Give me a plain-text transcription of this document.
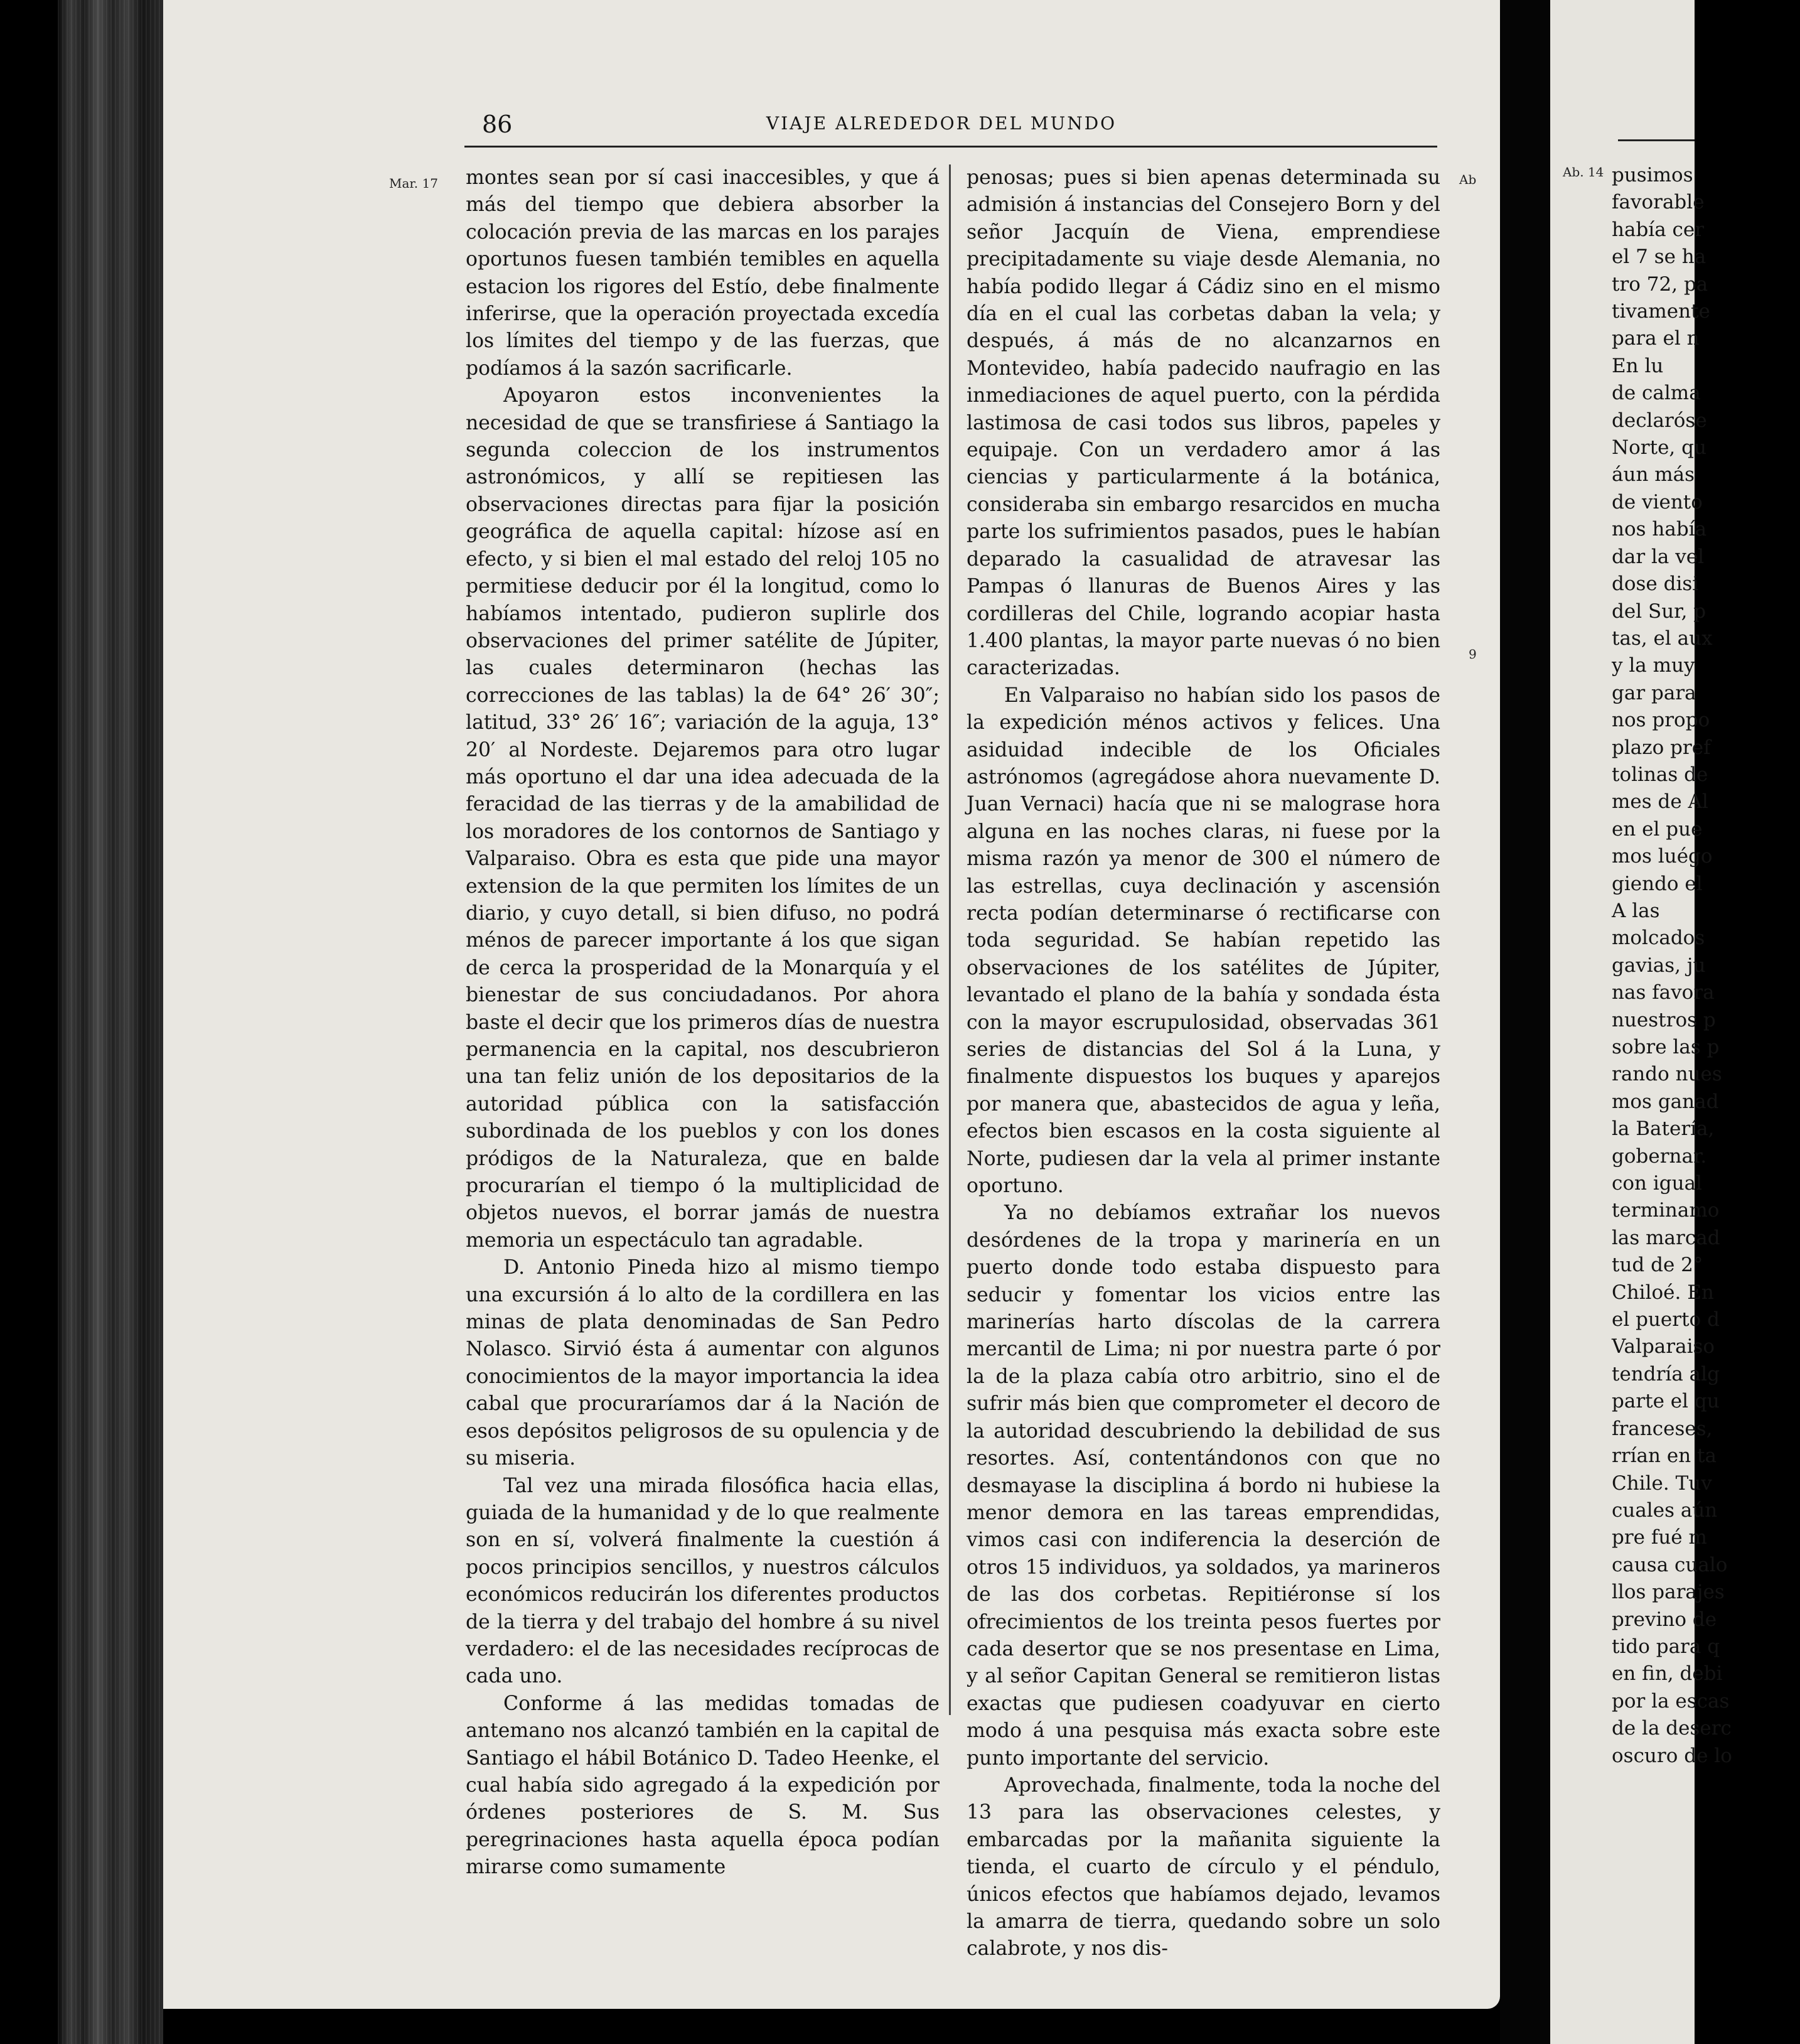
86	VIAJE ALREDEDOR DEL MUNDO
Mar. 17	Ab
9

montes sean por sí casi inaccesibles, y que á más del tiempo que debiera absorber la colocación previa de las marcas en los parajes oportunos fuesen también temibles en aquella estacion los rigores del Estío, debe finalmente inferirse, que la operación proyectada excedía los límites del tiempo y de las fuerzas, que podíamos á la sazón sacrificarle.

Apoyaron estos inconvenientes la necesidad de que se transfiriese á Santiago la segunda coleccion de los instrumentos astronómicos, y allí se repitiesen las observaciones directas para fijar la posición geográfica de aquella capital: hízose así en efecto, y si bien el mal estado del reloj 105 no permitiese deducir por él la longitud, como lo habíamos intentado, pudieron suplirle dos observaciones del primer satélite de Júpiter, las cuales determinaron (hechas las correcciones de las tablas) la de 64° 26′ 30″; latitud, 33° 26′ 16″; variación de la aguja, 13° 20′ al Nordeste. Dejaremos para otro lugar más oportuno el dar una idea adecuada de la feracidad de las tierras y de la amabilidad de los moradores de los contornos de Santiago y Valparaiso. Obra es esta que pide una mayor extension de la que permiten los límites de un diario, y cuyo detall, si bien difuso, no podrá ménos de parecer importante á los que sigan de cerca la prosperidad de la Monarquía y el bienestar de sus conciudadanos. Por ahora baste el decir que los primeros días de nuestra permanencia en la capital, nos descubrieron una tan feliz unión de los depositarios de la autoridad pública con la satisfacción subordinada de los pueblos y con los dones pródigos de la Naturaleza, que en balde procurarían el tiempo ó la multiplicidad de objetos nuevos, el borrar jamás de nuestra memoria un espectáculo tan agradable.

D. Antonio Pineda hizo al mismo tiempo una excursión á lo alto de la cordillera en las minas de plata denominadas de San Pedro Nolasco. Sirvió ésta á aumentar con algunos conocimientos de la mayor importancia la idea cabal que procuraríamos dar á la Nación de esos depósitos peligrosos de su opulencia y de su miseria.

Tal vez una mirada filosófica hacia ellas, guiada de la humanidad y de lo que realmente son en sí, volverá finalmente la cuestión á pocos principios sencillos, y nuestros cálculos económicos reducirán los diferentes productos de la tierra y del trabajo del hombre á su nivel verdadero: el de las necesidades recíprocas de cada uno.

Conforme á las medidas tomadas de antemano nos alcanzó también en la capital de Santiago el hábil Botánico D. Tadeo Heenke, el cual había sido agregado á la expedición por órdenes posteriores de S. M. Sus peregrinaciones hasta aquella época podían mirarse como sumamente

penosas; pues si bien apenas determinada su admisión á instancias del Consejero Born y del señor Jacquín de Viena, emprendiese precipitadamente su viaje desde Alemania, no había podido llegar á Cádiz sino en el mismo día en el cual las corbetas daban la vela; y después, á más de no alcanzarnos en Montevideo, había padecido naufragio en las inmediaciones de aquel puerto, con la pérdida lastimosa de casi todos sus libros, papeles y equipaje. Con un verdadero amor á las ciencias y particularmente á la botánica, consideraba sin embargo resarcidos en mucha parte los sufrimientos pasados, pues le habían deparado la casualidad de atravesar las Pampas ó llanuras de Buenos Aires y las cordilleras del Chile, logrando acopiar hasta 1.400 plantas, la mayor parte nuevas ó no bien caracterizadas.

En Valparaiso no habían sido los pasos de la expedición ménos activos y felices. Una asiduidad indecible de los Oficiales astrónomos (agregádose ahora nuevamente D. Juan Vernaci) hacía que ni se malograse hora alguna en las noches claras, ni fuese por la misma razón ya menor de 300 el número de las estrellas, cuya declinación y ascensión recta podían determinarse ó rectificarse con toda seguridad. Se habían repetido las observaciones de los satélites de Júpiter, levantado el plano de la bahía y sondada ésta con la mayor escrupulosidad, observadas 361 series de distancias del Sol á la Luna, y finalmente dispuestos los buques y aparejos por manera que, abastecidos de agua y leña, efectos bien escasos en la costa siguiente al Norte, pudiesen dar la vela al primer instante oportuno.

Ya no debíamos extrañar los nuevos desórdenes de la tropa y marinería en un puerto donde todo estaba dispuesto para seducir y fomentar los vicios entre las marinerías harto díscolas de la carrera mercantil de Lima; ni por nuestra parte ó por la de la plaza cabía otro arbitrio, sino el de sufrir más bien que comprometer el decoro de la autoridad descubriendo la debilidad de sus resortes. Así, contentándonos con que no desmayase la disciplina á bordo ni hubiese la menor demora en las tareas emprendidas, vimos casi con indiferencia la deserción de otros 15 individuos, ya soldados, ya marineros de las dos corbetas. Repitiéronse sí los ofrecimientos de los treinta pesos fuertes por cada desertor que se nos presentase en Lima, y al señor Capitan General se remitieron listas exactas que pudiesen coadyuvar en cierto modo á una pesquisa más exacta sobre este punto importante del servicio.

Aprovechada, finalmente, toda la noche del 13 para las observaciones celestes, y embarcadas por la mañanita siguiente la tienda, el cuarto de círculo y el péndulo, únicos efectos que habíamos dejado, levamos la amarra de tierra, quedando sobre un solo calabrote, y nos dis-

Ab. 14 pusimos
favorable
había cer
el 7 se ha
tro 72, pa
tivamente
para el n
En lu
de calma
declaróse
Norte, qu
áun más
de viento
nos había
dar la vel
dose disi
del Sur, p
tas, el aux
y la muy
gar para
nos propo
plazo pref
tolinas de
mes de Al
en el pue
mos luégo
giendo el
A las
molcados
gavias, ju
nas favora
nuestros p
sobre las p
rando nues
mos ganad
la Batería,
gobernar.
con igual
terminamo
las marcad
tud de 2°
Chiloé. En
el puerto d
Valparaiso
tendría alg
parte el qu
franceses,
rrían en ta
Chile. Tuv
cuales aún
pre fué m
causa cualo
llos parajes
previno de
tido para q
en fin, debi
por la escas
de la deserc
oscuro de lo
